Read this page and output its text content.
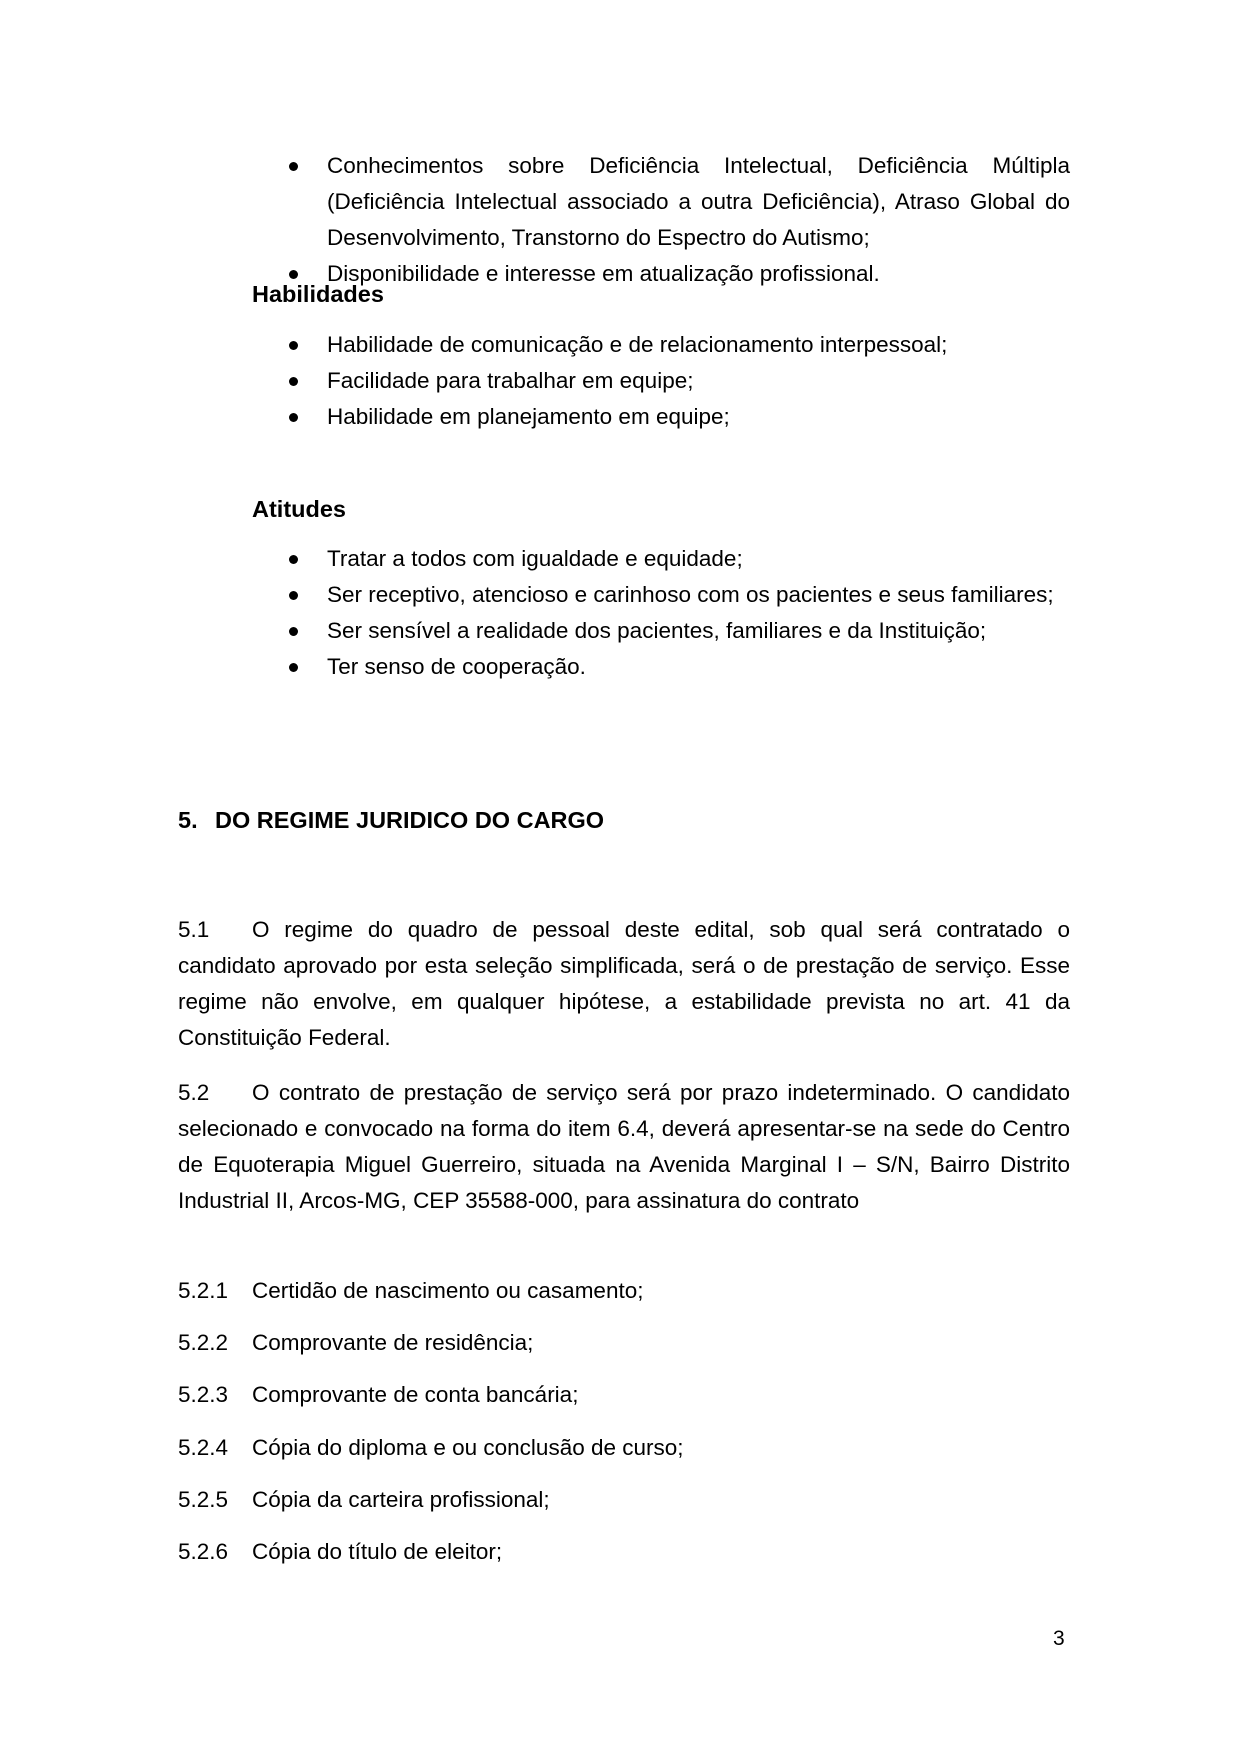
Conhecimentos sobre Deficiência Intelectual, Deficiência Múltipla (Deficiência Intelectual associado a outra Deficiência), Atraso Global do Desenvolvimento, Transtorno do Espectro do Autismo;
Disponibilidade e interesse em atualização profissional.
Habilidades
Habilidade de comunicação e de relacionamento interpessoal;
Facilidade para trabalhar em equipe;
Habilidade em planejamento em equipe;
Atitudes
Tratar a todos com igualdade e equidade;
Ser receptivo, atencioso e carinhoso com os pacientes e seus familiares;
Ser sensível a realidade dos pacientes, familiares e da Instituição;
Ter senso de cooperação.
5. DO REGIME JURIDICO DO CARGO
5.1 O regime do quadro de pessoal deste edital, sob qual será contratado o candidato aprovado por esta seleção simplificada, será o de prestação de serviço. Esse regime não envolve, em qualquer hipótese, a estabilidade prevista no art. 41 da Constituição Federal.
5.2 O contrato de prestação de serviço será por prazo indeterminado. O candidato selecionado e convocado na forma do item 6.4, deverá apresentar-se na sede do Centro de Equoterapia Miguel Guerreiro, situada na Avenida Marginal I – S/N, Bairro Distrito Industrial II, Arcos-MG, CEP 35588-000, para assinatura do contrato
5.2.1 Certidão de nascimento ou casamento;
5.2.2 Comprovante de residência;
5.2.3 Comprovante de conta bancária;
5.2.4 Cópia do diploma e ou conclusão de curso;
5.2.5 Cópia da carteira profissional;
5.2.6 Cópia do título de eleitor;
3
